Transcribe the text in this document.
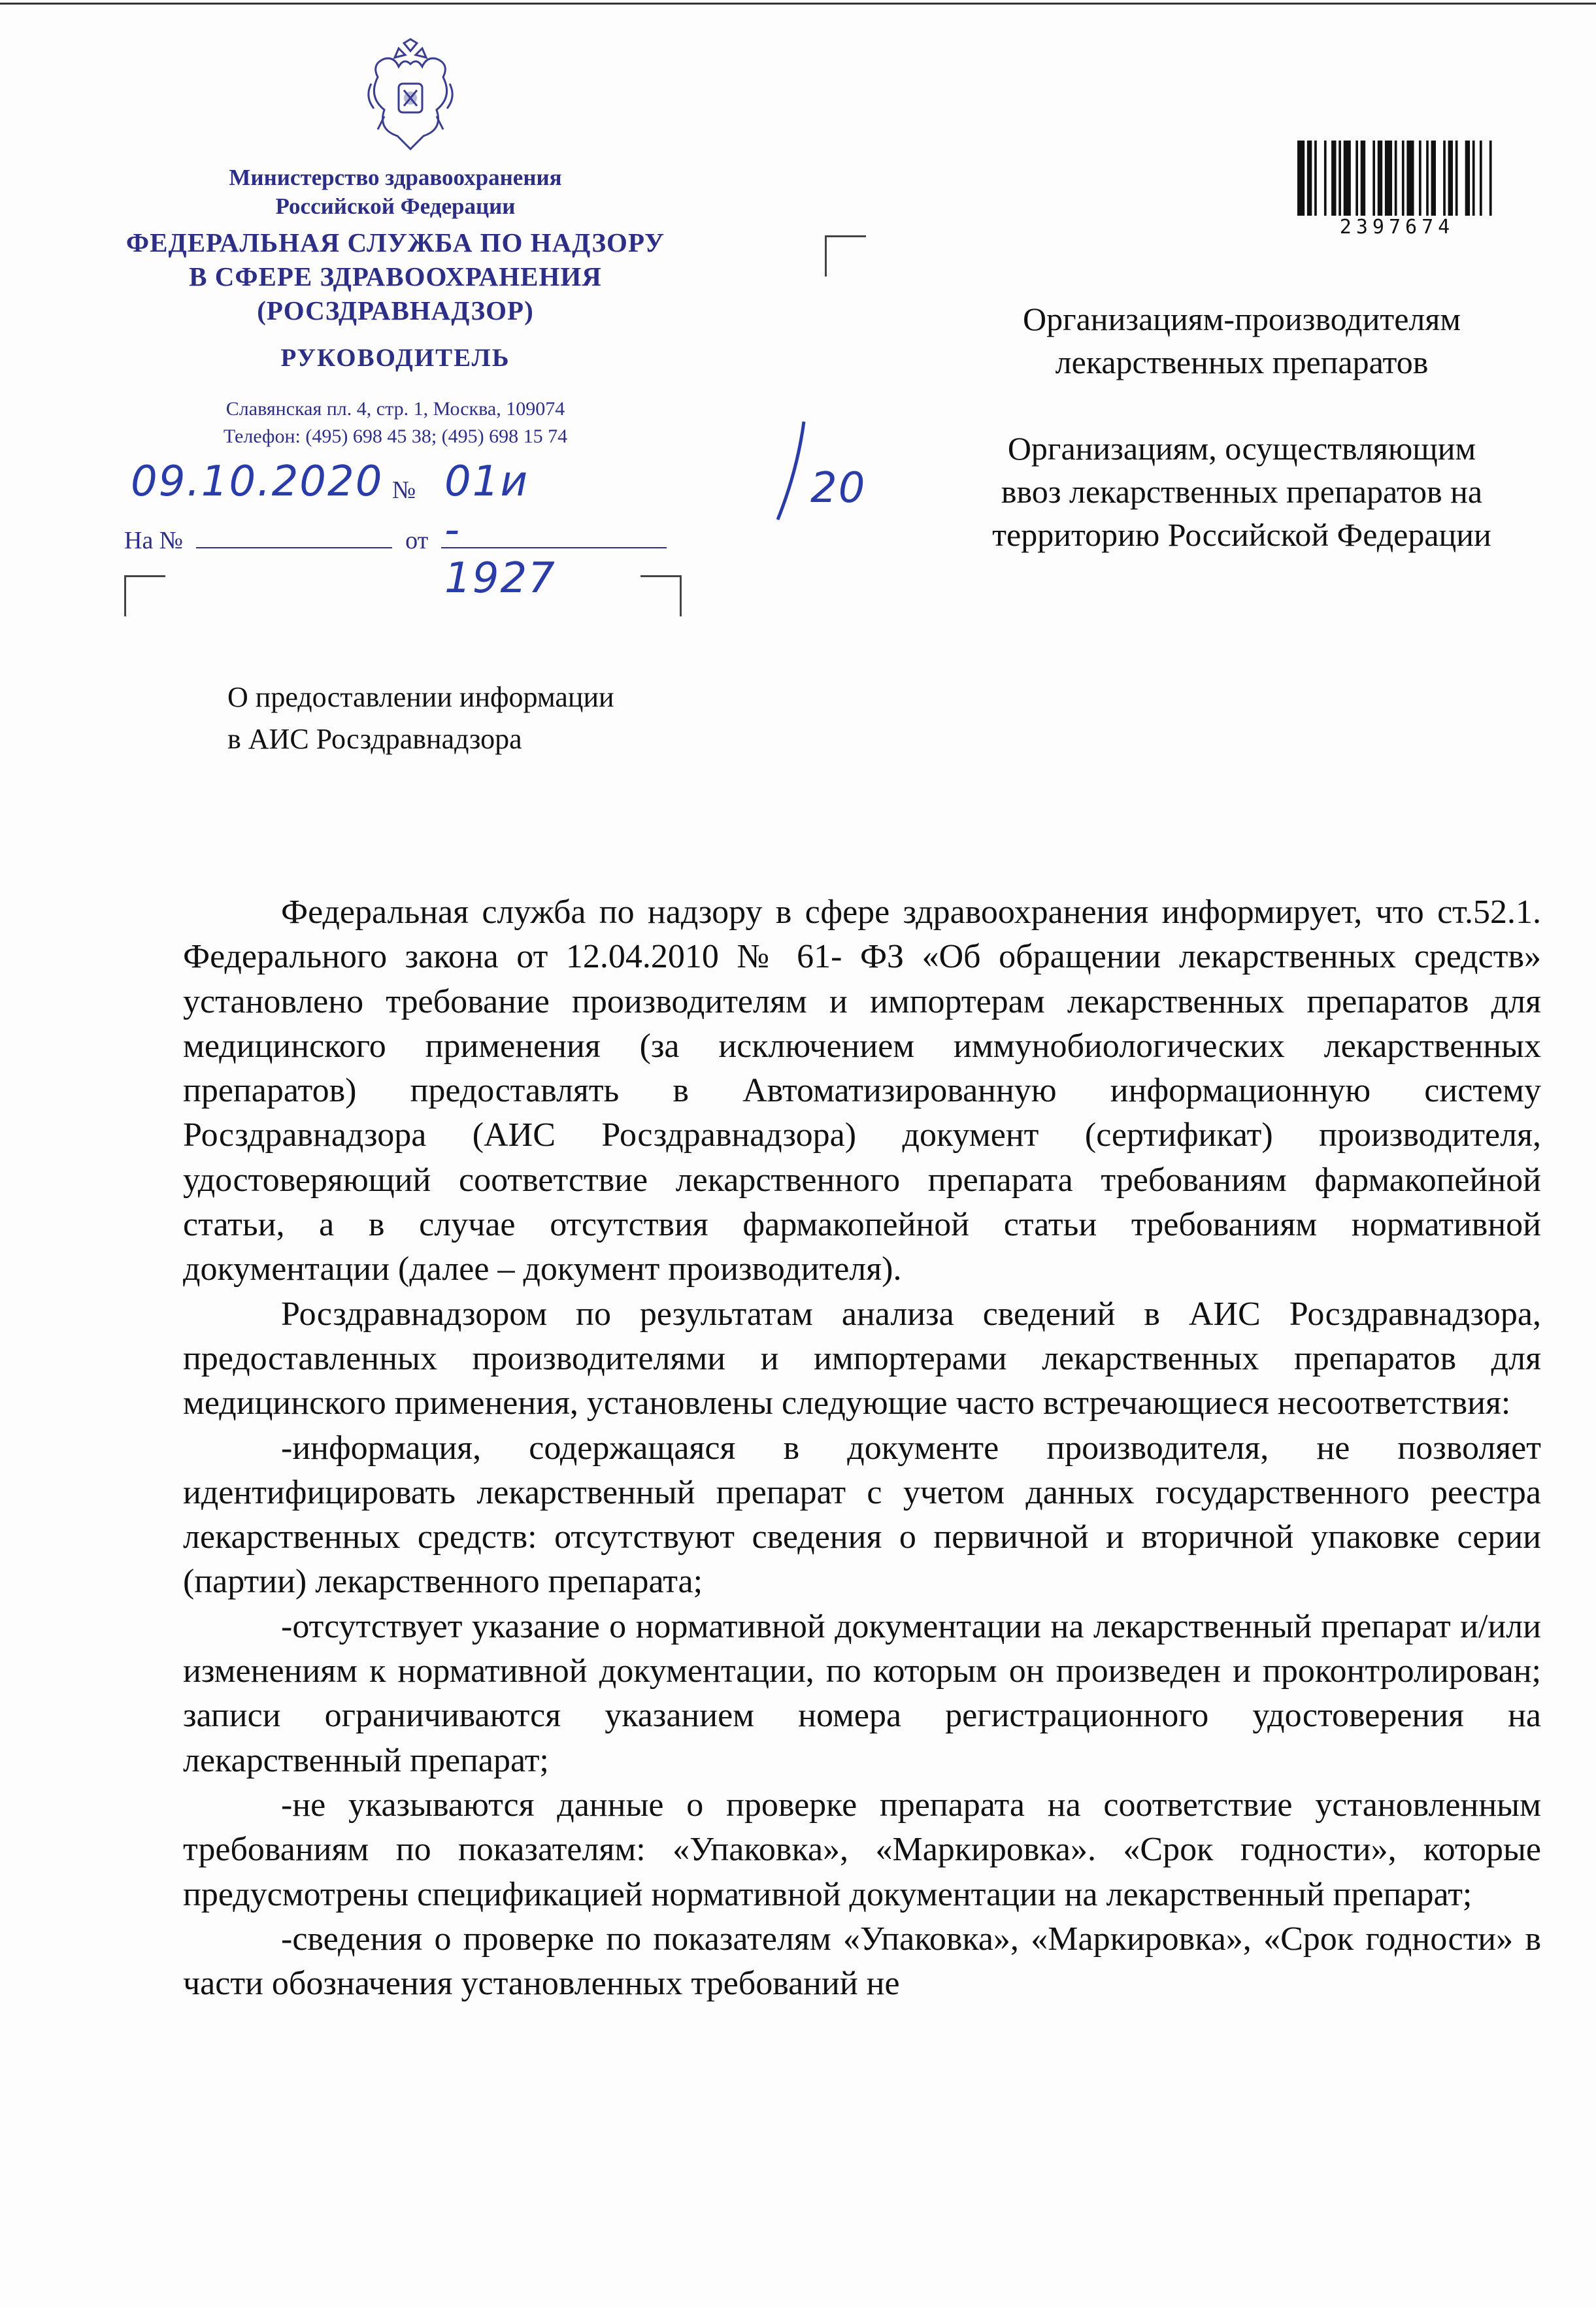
Министерство здравоохранения
Российской Федерации
ФЕДЕРАЛЬНАЯ СЛУЖБА ПО НАДЗОРУ
В СФЕРЕ ЗДРАВООХРАНЕНИЯ
(РОСЗДРАВНАДЗОР)
РУКОВОДИТЕЛЬ
Славянская пл. 4, стр. 1, Москва, 109074
Телефон: (495) 698 45 38; (495) 698 15 74
09.10.2020 № 01и - 1927
20
На №	от
2397674

Организациям-производителям
лекарственных препаратов

Организациям, осуществляющим
ввоз лекарственных препаратов на
территорию Российской Федерации

О предоставлении информации
в АИС Росздравнадзора

Федеральная служба по надзору в сфере здравоохранения информирует, что ст.52.1. Федерального закона от 12.04.2010 № 61- ФЗ «Об обращении лекарственных средств» установлено требование производителям и импортерам лекарственных препаратов для медицинского применения (за исключением иммунобиологических лекарственных препаратов) предоставлять в Автоматизированную информационную систему Росздравнадзора (АИС Росздравнадзора) документ (сертификат) производителя, удостоверяющий соответствие лекарственного препарата требованиям фармакопейной статьи, а в случае отсутствия фармакопейной статьи требованиям нормативной документации (далее – документ производителя).

Росздравнадзором по результатам анализа сведений в АИС Росздравнадзора, предоставленных производителями и импортерами лекарственных препаратов для медицинского применения, установлены следующие часто встречающиеся несоответствия:

-информация, содержащаяся в документе производителя, не позволяет идентифицировать лекарственный препарат с учетом данных государственного реестра лекарственных средств: отсутствуют сведения о первичной и вторичной упаковке серии (партии) лекарственного препарата;

-отсутствует указание о нормативной документации на лекарственный препарат и/или изменениям к нормативной документации, по которым он произведен и проконтролирован; записи ограничиваются указанием номера регистрационного удостоверения на лекарственный препарат;

-не указываются данные о проверке препарата на соответствие установленным требованиям по показателям: «Упаковка», «Маркировка». «Срок годности», которые предусмотрены спецификацией нормативной документации на лекарственный препарат;

-сведения о проверке по показателям «Упаковка», «Маркировка», «Срок годности» в части обозначения установленных требований не
